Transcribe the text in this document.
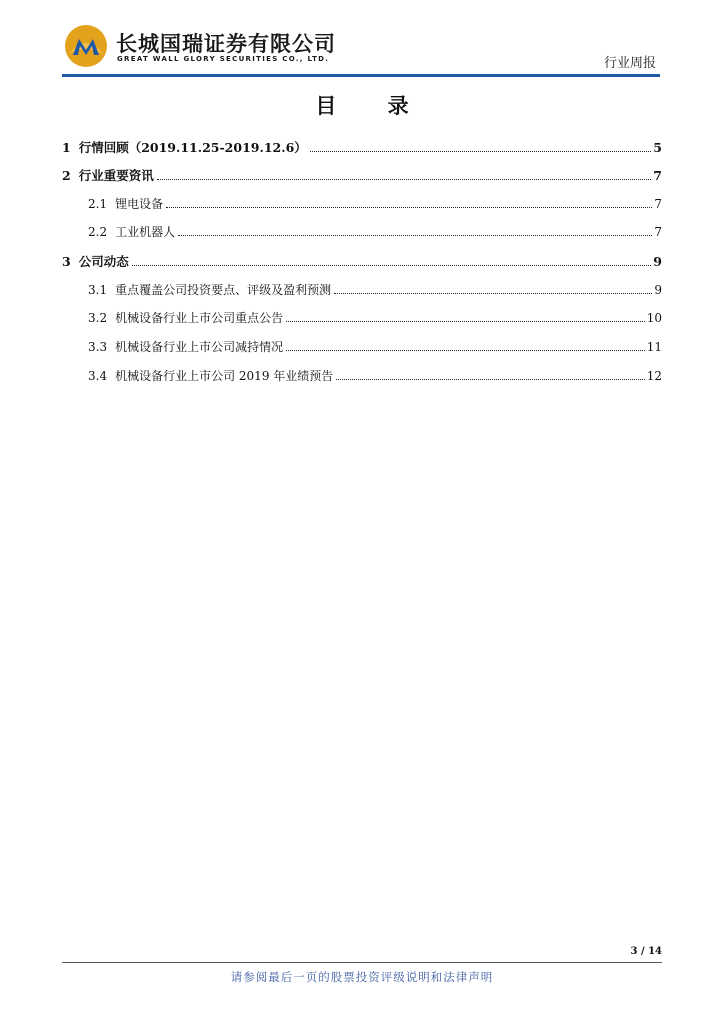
长城国瑞证券有限公司
GREAT WALL GLORY SECURITIES CO., LTD.	行业周报
目 录
1 行情回顾（2019.11.25-2019.12.6）	5
2 行业重要资讯	7
2.1 锂电设备	7
2.2 工业机器人	7
3 公司动态	9
3.1 重点覆盖公司投资要点、评级及盈利预测	9
3.2 机械设备行业上市公司重点公告	10
3.3 机械设备行业上市公司减持情况	11
3.4 机械设备行业上市公司 2019 年业绩预告	12
3 / 14
请参阅最后一页的股票投资评级说明和法律声明
